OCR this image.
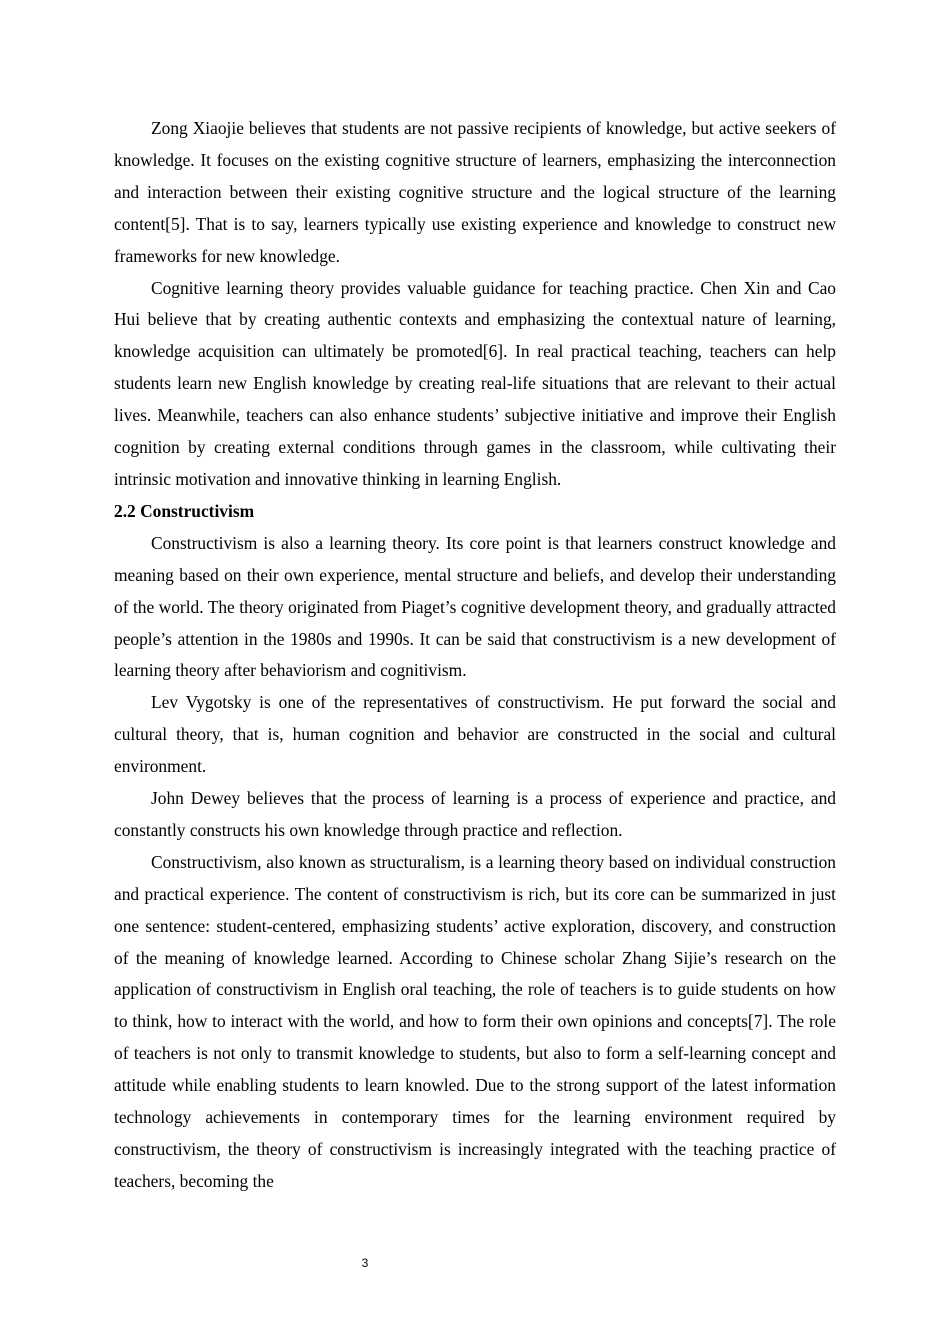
Zong Xiaojie believes that students are not passive recipients of knowledge, but active seekers of knowledge. It focuses on the existing cognitive structure of learners, emphasizing the interconnection and interaction between their existing cognitive structure and the logical structure of the learning content[5]. That is to say, learners typically use existing experience and knowledge to construct new frameworks for new knowledge.

Cognitive learning theory provides valuable guidance for teaching practice. Chen Xin and Cao Hui believe that by creating authentic contexts and emphasizing the contextual nature of learning, knowledge acquisition can ultimately be promoted[6]. In real practical teaching, teachers can help students learn new English knowledge by creating real-life situations that are relevant to their actual lives. Meanwhile, teachers can also enhance students’ subjective initiative and improve their English cognition by creating external conditions through games in the classroom, while cultivating their intrinsic motivation and innovative thinking in learning English.

2.2 Constructivism

Constructivism is also a learning theory. Its core point is that learners construct knowledge and meaning based on their own experience, mental structure and beliefs, and develop their understanding of the world. The theory originated from Piaget’s cognitive development theory, and gradually attracted people’s attention in the 1980s and 1990s. It can be said that constructivism is a new development of learning theory after behaviorism and cognitivism.

Lev Vygotsky is one of the representatives of constructivism. He put forward the social and cultural theory, that is, human cognition and behavior are constructed in the social and cultural environment.

John Dewey believes that the process of learning is a process of experience and practice, and constantly constructs his own knowledge through practice and reflection.

Constructivism, also known as structuralism, is a learning theory based on individual construction and practical experience. The content of constructivism is rich, but its core can be summarized in just one sentence: student-centered, emphasizing students’ active exploration, discovery, and construction of the meaning of knowledge learned. According to Chinese scholar Zhang Sijie’s research on the application of constructivism in English oral teaching, the role of teachers is to guide students on how to think, how to interact with the world, and how to form their own opinions and concepts[7]. The role of teachers is not only to transmit knowledge to students, but also to form a self-learning concept and attitude while enabling students to learn knowled. Due to the strong support of the latest information technology achievements in contemporary times for the learning environment required by constructivism, the theory of constructivism is increasingly integrated with the teaching practice of teachers, becoming the

3
